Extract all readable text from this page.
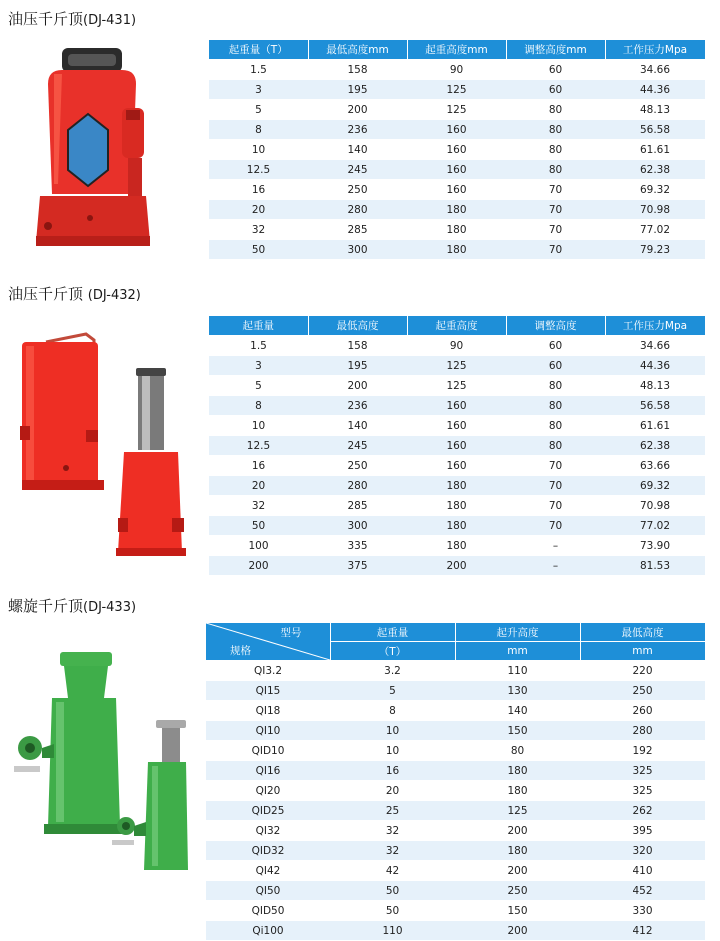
油压千斤顶(DJ-431)
起重量（T）	最低高度mm	起重高度mm	调整高度mm	工作压力Mpa
1.5	158	90	60	34.66
3	195	125	60	44.36
5	200	125	80	48.13
8	236	160	80	56.58
10	140	160	80	61.61
12.5	245	160	80	62.38
16	250	160	70	69.32
20	280	180	70	70.98
32	285	180	70	77.02
50	300	180	70	79.23
油压千斤顶 (DJ-432)
起重量	最低高度	起重高度	调整高度	工作压力Mpa
1.5	158	90	60	34.66
3	195	125	60	44.36
5	200	125	80	48.13
8	236	160	80	56.58
10	140	160	80	61.61
12.5	245	160	80	62.38
16	250	160	70	63.66
20	280	180	70	69.32
32	285	180	70	70.98
50	300	180	70	77.02
100	335	180	–	73.90
200	375	200	–	81.53
螺旋千斤顶(DJ-433)
型号
规格	起重量	起升高度	最低高度
	（T）	mm	mm
QI3.2	3.2	110	220
QI15	5	130	250
QI18	8	140	260
QI10	10	150	280
QID10	10	80	192
QI16	16	180	325
QI20	20	180	325
QID25	25	125	262
QI32	32	200	395
QID32	32	180	320
QI42	42	200	410
QI50	50	250	452
QID50	50	150	330
Qi100	110	200	412
